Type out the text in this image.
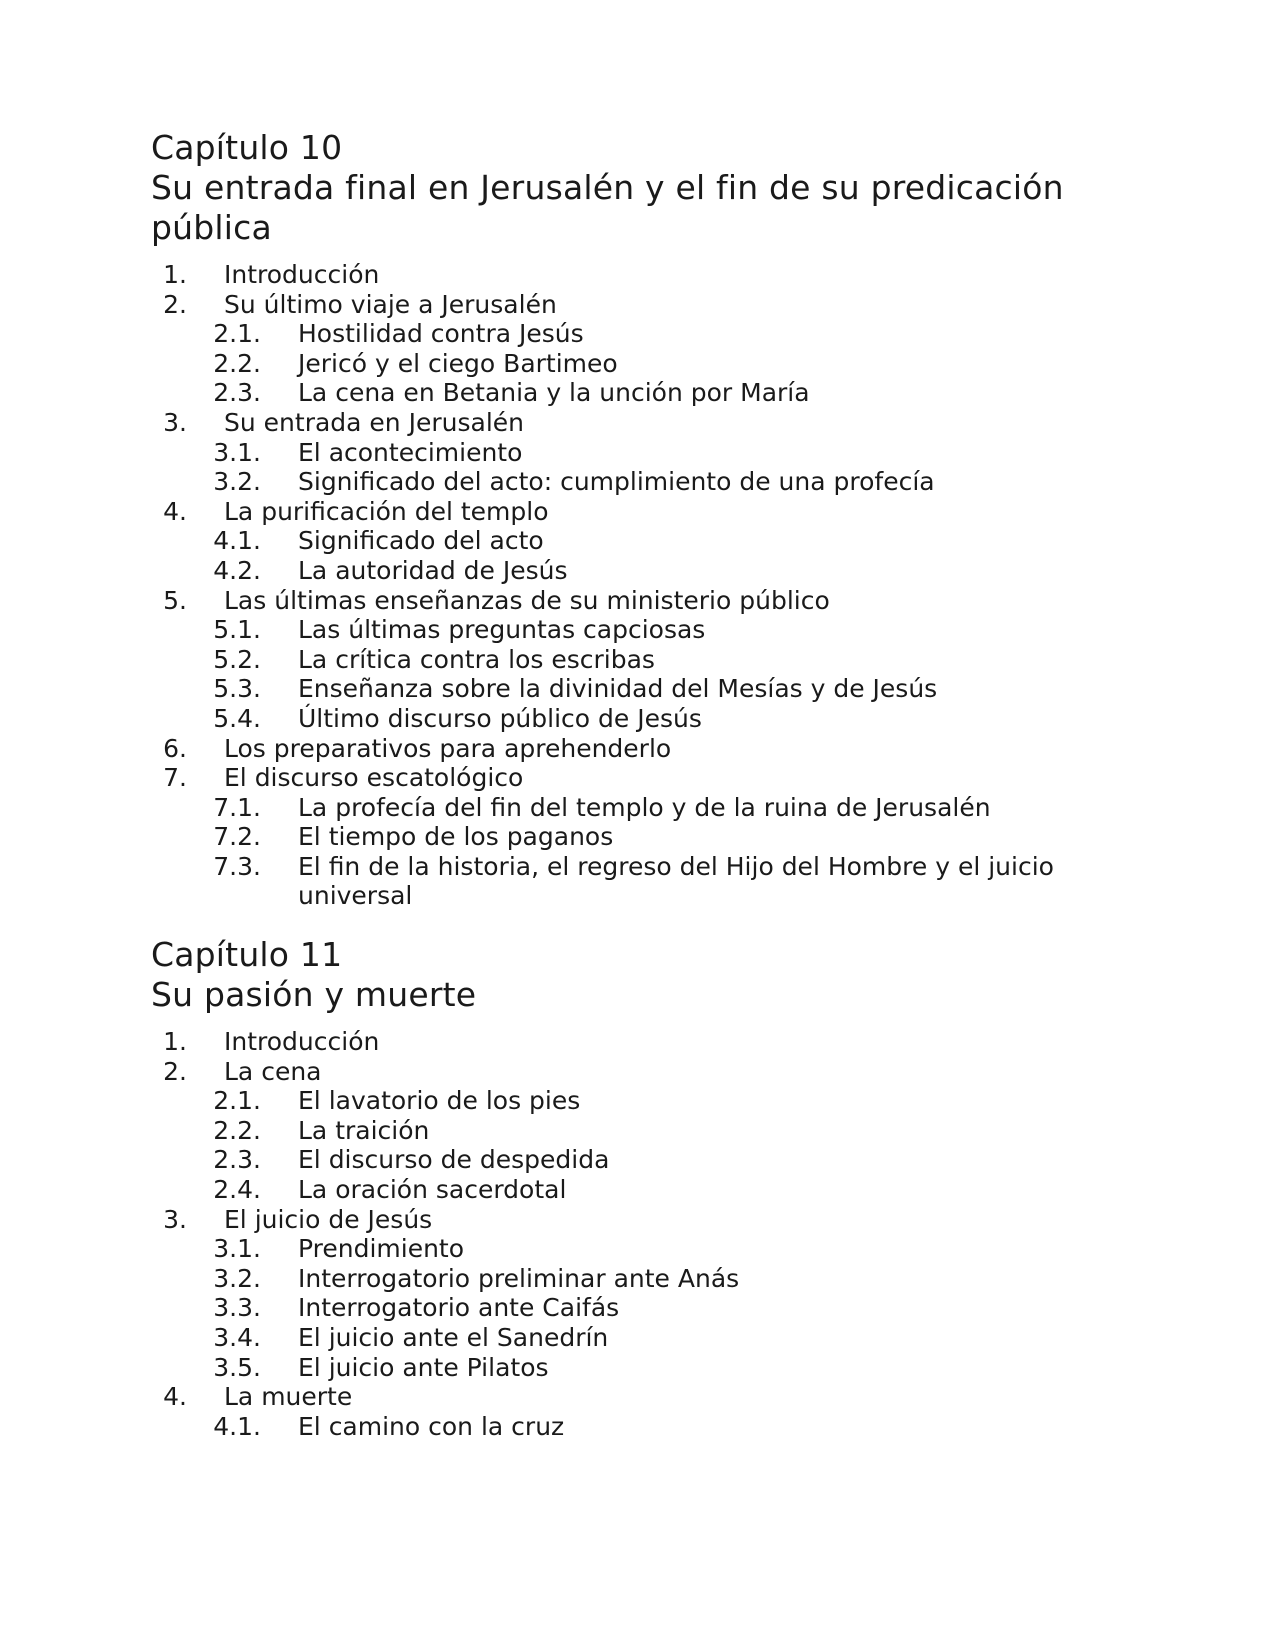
Capítulo 10
Su entrada final en Jerusalén y el fin de su predicación pública
1. Introducción
2. Su último viaje a Jerusalén
2.1. Hostilidad contra Jesús
2.2. Jericó y el ciego Bartimeo
2.3. La cena en Betania y la unción por María
3. Su entrada en Jerusalén
3.1. El acontecimiento
3.2. Significado del acto: cumplimiento de una profecía
4. La purificación del templo
4.1. Significado del acto
4.2. La autoridad de Jesús
5. Las últimas enseñanzas de su ministerio público
5.1. Las últimas preguntas capciosas
5.2. La crítica contra los escribas
5.3. Enseñanza sobre la divinidad del Mesías y de Jesús
5.4. Último discurso público de Jesús
6. Los preparativos para aprehenderlo
7. El discurso escatológico
7.1. La profecía del fin del templo y de la ruina de Jerusalén
7.2. El tiempo de los paganos
7.3. El fin de la historia, el regreso del Hijo del Hombre y el juicio universal
Capítulo 11
Su pasión y muerte
1. Introducción
2. La cena
2.1. El lavatorio de los pies
2.2. La traición
2.3. El discurso de despedida
2.4. La oración sacerdotal
3. El juicio de Jesús
3.1. Prendimiento
3.2. Interrogatorio preliminar ante Anás
3.3. Interrogatorio ante Caifás
3.4. El juicio ante el Sanedrín
3.5. El juicio ante Pilatos
4. La muerte
4.1. El camino con la cruz
